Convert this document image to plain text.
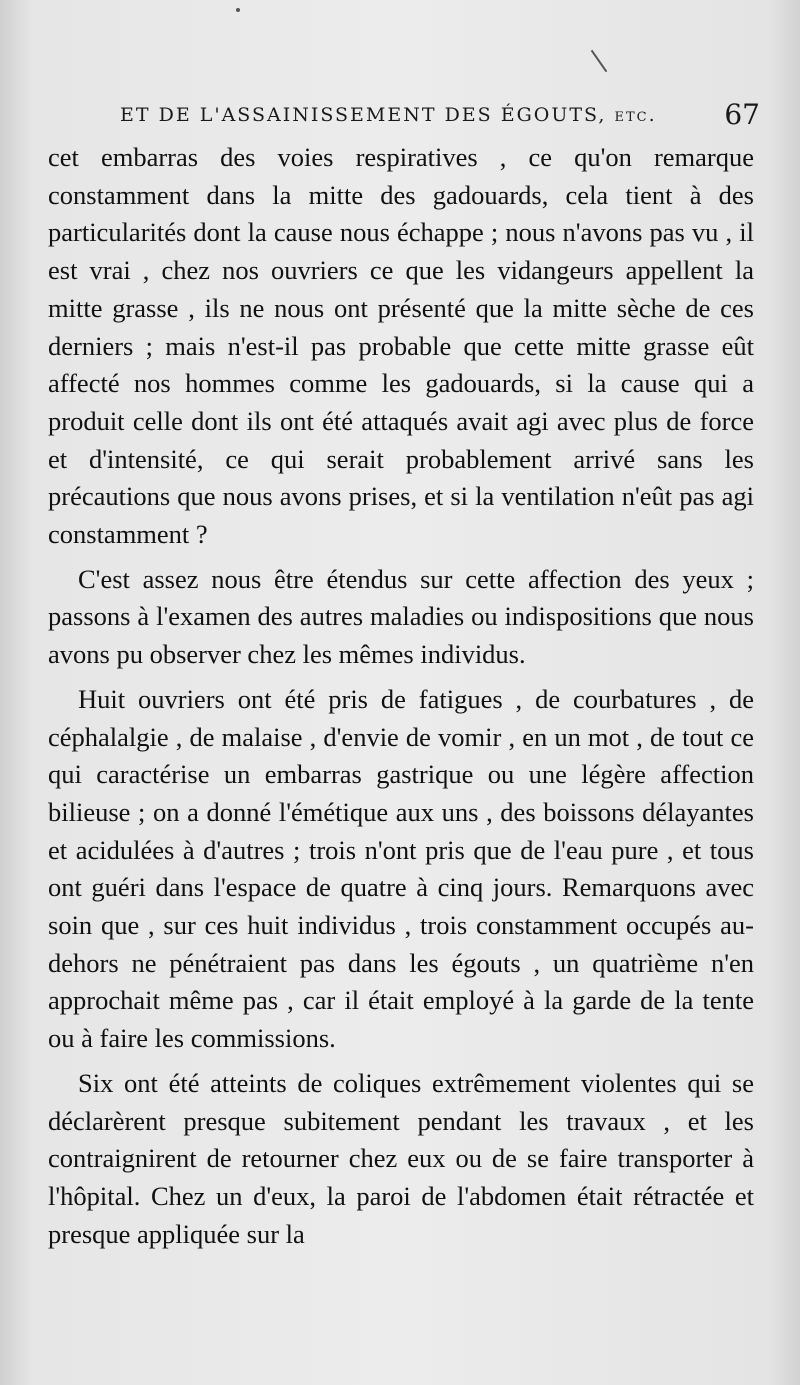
ET DE L'ASSAINISSEMENT DES ÉGOUTS, etc. 67

cet embarras des voies respiratives , ce qu'on remarque constamment dans la mitte des gadouards, cela tient à des particularités dont la cause nous échappe ; nous n'avons pas vu , il est vrai , chez nos ouvriers ce que les vidangeurs appellent la mitte grasse , ils ne nous ont présenté que la mitte sèche de ces derniers ; mais n'est-il pas probable que cette mitte grasse eût affecté nos hommes comme les gadouards, si la cause qui a produit celle dont ils ont été attaqués avait agi avec plus de force et d'intensité, ce qui serait probablement arrivé sans les précautions que nous avons prises, et si la ventilation n'eût pas agi constamment ?

C'est assez nous être étendus sur cette affection des yeux ; passons à l'examen des autres maladies ou indispositions que nous avons pu observer chez les mêmes individus.

Huit ouvriers ont été pris de fatigues , de courbatures , de céphalalgie , de malaise , d'envie de vomir , en un mot , de tout ce qui caractérise un embarras gastrique ou une légère affection bilieuse ; on a donné l'émétique aux uns , des boissons délayantes et acidulées à d'autres ; trois n'ont pris que de l'eau pure , et tous ont guéri dans l'espace de quatre à cinq jours. Remarquons avec soin que , sur ces huit individus , trois constamment occupés au-dehors ne pénétraient pas dans les égouts , un quatrième n'en approchait même pas , car il était employé à la garde de la tente ou à faire les commissions.

Six ont été atteints de coliques extrêmement violentes qui se déclarèrent presque subitement pendant les travaux , et les contraignirent de retourner chez eux ou de se faire transporter à l'hôpital. Chez un d'eux, la paroi de l'abdomen était rétractée et presque appliquée sur la
